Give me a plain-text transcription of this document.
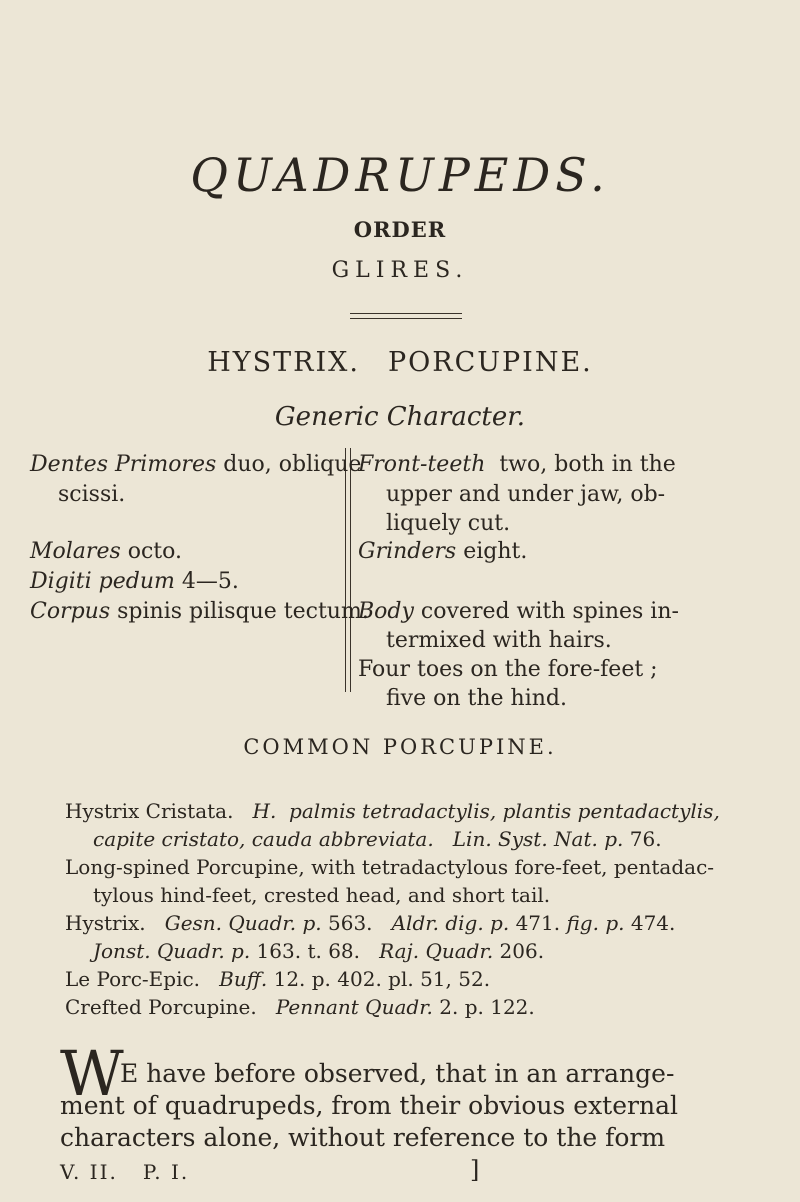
QUADRUPEDS.
ORDER
GLIRES.
HYSTRIX. PORCUPINE.
Generic Character.
Dentes Primores duo, oblique
scissi.
Molares octo.
Digiti pedum 4—5.
Corpus spinis pilisque tectum.
Front-teeth  two, both in the
upper and under jaw, ob-
liquely cut.
Grinders eight.
Body covered with spines in-
termixed with hairs.
Four toes on the fore-feet ;
five on the hind.
COMMON PORCUPINE.
Hystrix Cristata. H. palmis tetradactylis, plantis pentadactylis,
capite cristato, cauda abbreviata. Lin. Syst. Nat. p. 76.
Long-spined Porcupine, with tetradactylous fore-feet, pentadac-
tylous hind-feet, crested head, and short tail.
Hystrix. Gesn. Quadr. p. 563. Aldr. dig. p. 471. fig. p. 474.
Jonst. Quadr. p. 163. t. 68. Raj. Quadr. 206.
Le Porc-Epic. Buff. 12. p. 402. pl. 51, 52.
Crefted Porcupine. Pennant Quadr. 2. p. 122.
W
E have before observed, that in an arrange-
ment of quadrupeds, from their obvious external
characters alone, without reference to the form
V. II.   P. I.	]
